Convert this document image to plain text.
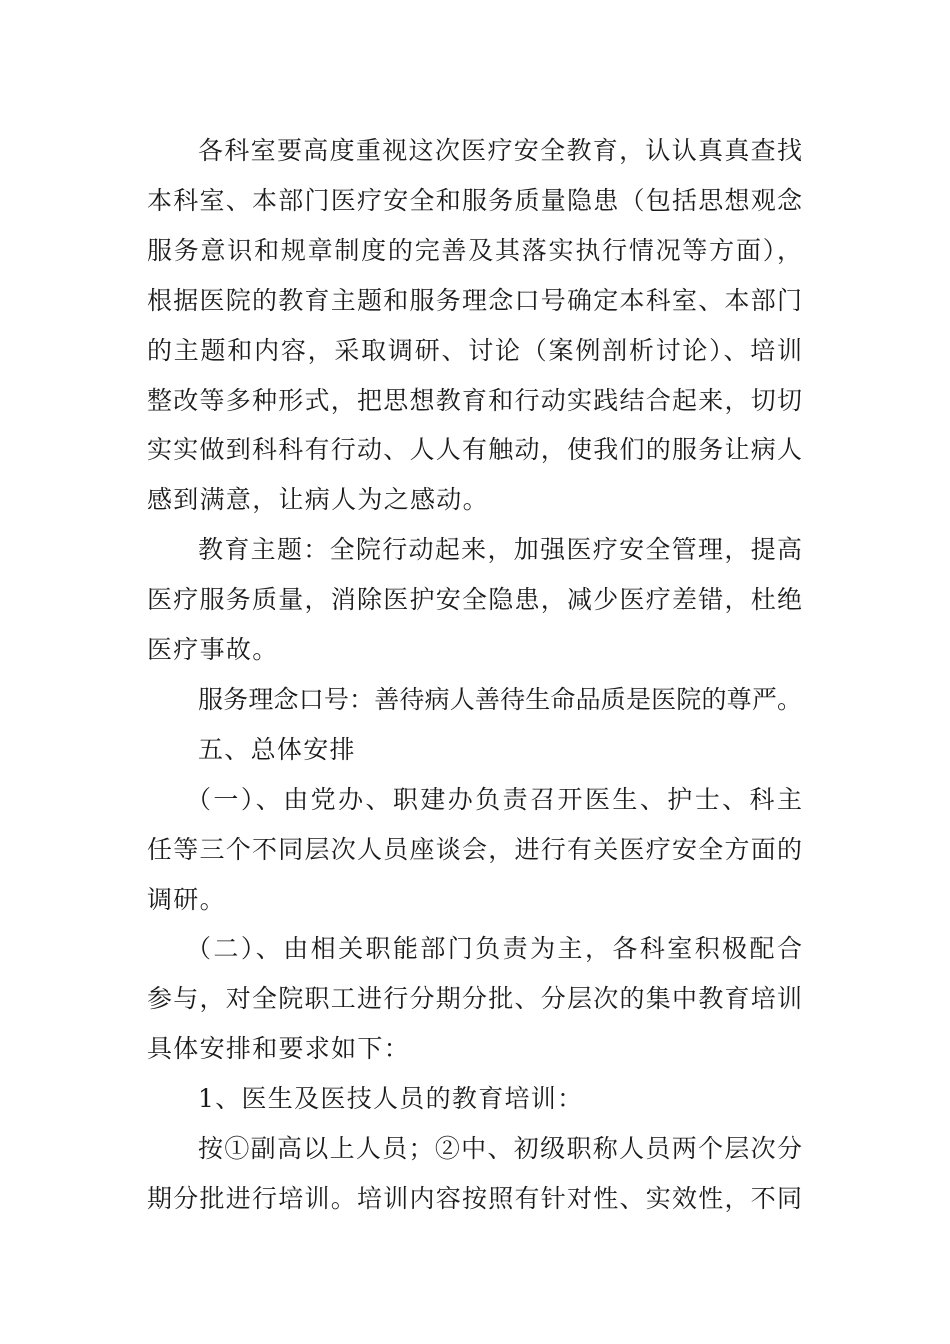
各科室要高度重视这次医疗安全教育，认认真真查找
本科室、本部门医疗安全和服务质量隐患（包括思想观念
服务意识和规章制度的完善及其落实执行情况等方面），
根据医院的教育主题和服务理念口号确定本科室、本部门
的主题和内容，采取调研、讨论（案例剖析讨论）、培训
整改等多种形式，把思想教育和行动实践结合起来，切切
实实做到科科有行动、人人有触动，使我们的服务让病人
感到满意，让病人为之感动。
教育主题：全院行动起来，加强医疗安全管理，提高
医疗服务质量，消除医护安全隐患，减少医疗差错，杜绝
医疗事故。
服务理念口号：善待病人善待生命品质是医院的尊严。
五、总体安排
（一）、由党办、职建办负责召开医生、护士、科主
任等三个不同层次人员座谈会，进行有关医疗安全方面的
调研。
（二）、由相关职能部门负责为主，各科室积极配合
参与，对全院职工进行分期分批、分层次的集中教育培训
具体安排和要求如下：
1、医生及医技人员的教育培训：
按①副高以上人员；②中、初级职称人员两个层次分
期分批进行培训。培训内容按照有针对性、实效性，不同
